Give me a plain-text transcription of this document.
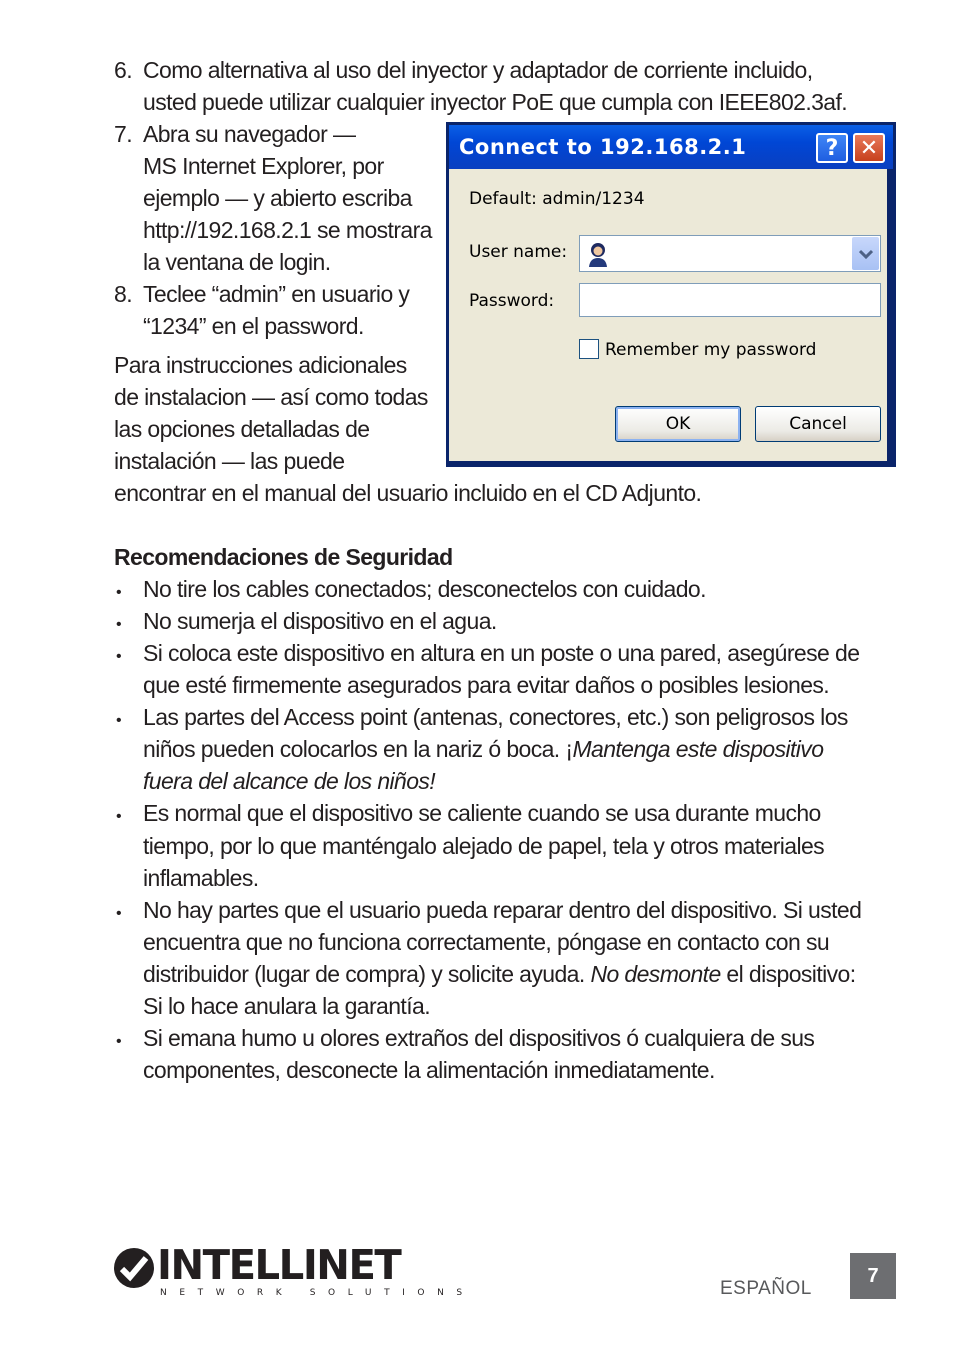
6. Como alternativa al uso del inyector y adaptador de corriente incluido,
usted puede utilizar cualquier inyector PoE que cumpla con IEEE802.3af.
7. Abra su navegador —
MS Internet Explorer, por
ejemplo — y abierto escriba
http://192.168.2.1 se mostrara
la ventana de login.
8. Teclee “admin” en usuario y
“1234” en el password.
Para instrucciones adicionales
de instalacion — así como todas
las opciones detalladas de
instalación — las puede
encontrar en el manual del usuario incluido en el CD Adjunto.
Connect to 192.168.2.1	? ✕
Default: admin/1234
User name:
Password:
Remember my password
OK	Cancel
Recomendaciones de Seguridad
•
No tire los cables conectados; desconectelos con cuidado.
•
No sumerja el dispositivo en el agua.
•
Si coloca este dispositivo en altura en un poste o una pared, asegúrese de
que esté firmemente asegurados para evitar daños o posibles lesiones.
•
Las partes del Access point (antenas, conectores, etc.) son peligrosos los
niños pueden colocarlos en la nariz ó boca. ¡Mantenga este dispositivo
fuera del alcance de los niños!
•
Es normal que el dispositivo se caliente cuando se usa durante mucho
tiempo, por lo que manténgalo alejado de papel, tela y otros materiales
inflamables.
•
No hay partes que el usuario pueda reparar dentro del dispositivo. Si usted
encuentra que no funciona correctamente, póngase en contacto con su
distribuidor (lugar de compra) y solicite ayuda. No desmonte el dispositivo:
Si lo hace anulara la garantía.
•
Si emana humo u olores extraños del dispositivos ó cualquiera de sus
componentes, desconecte la alimentación inmediatamente.
INTELLINET
NETWORK SOLUTIONS	ESPAÑOL
7
